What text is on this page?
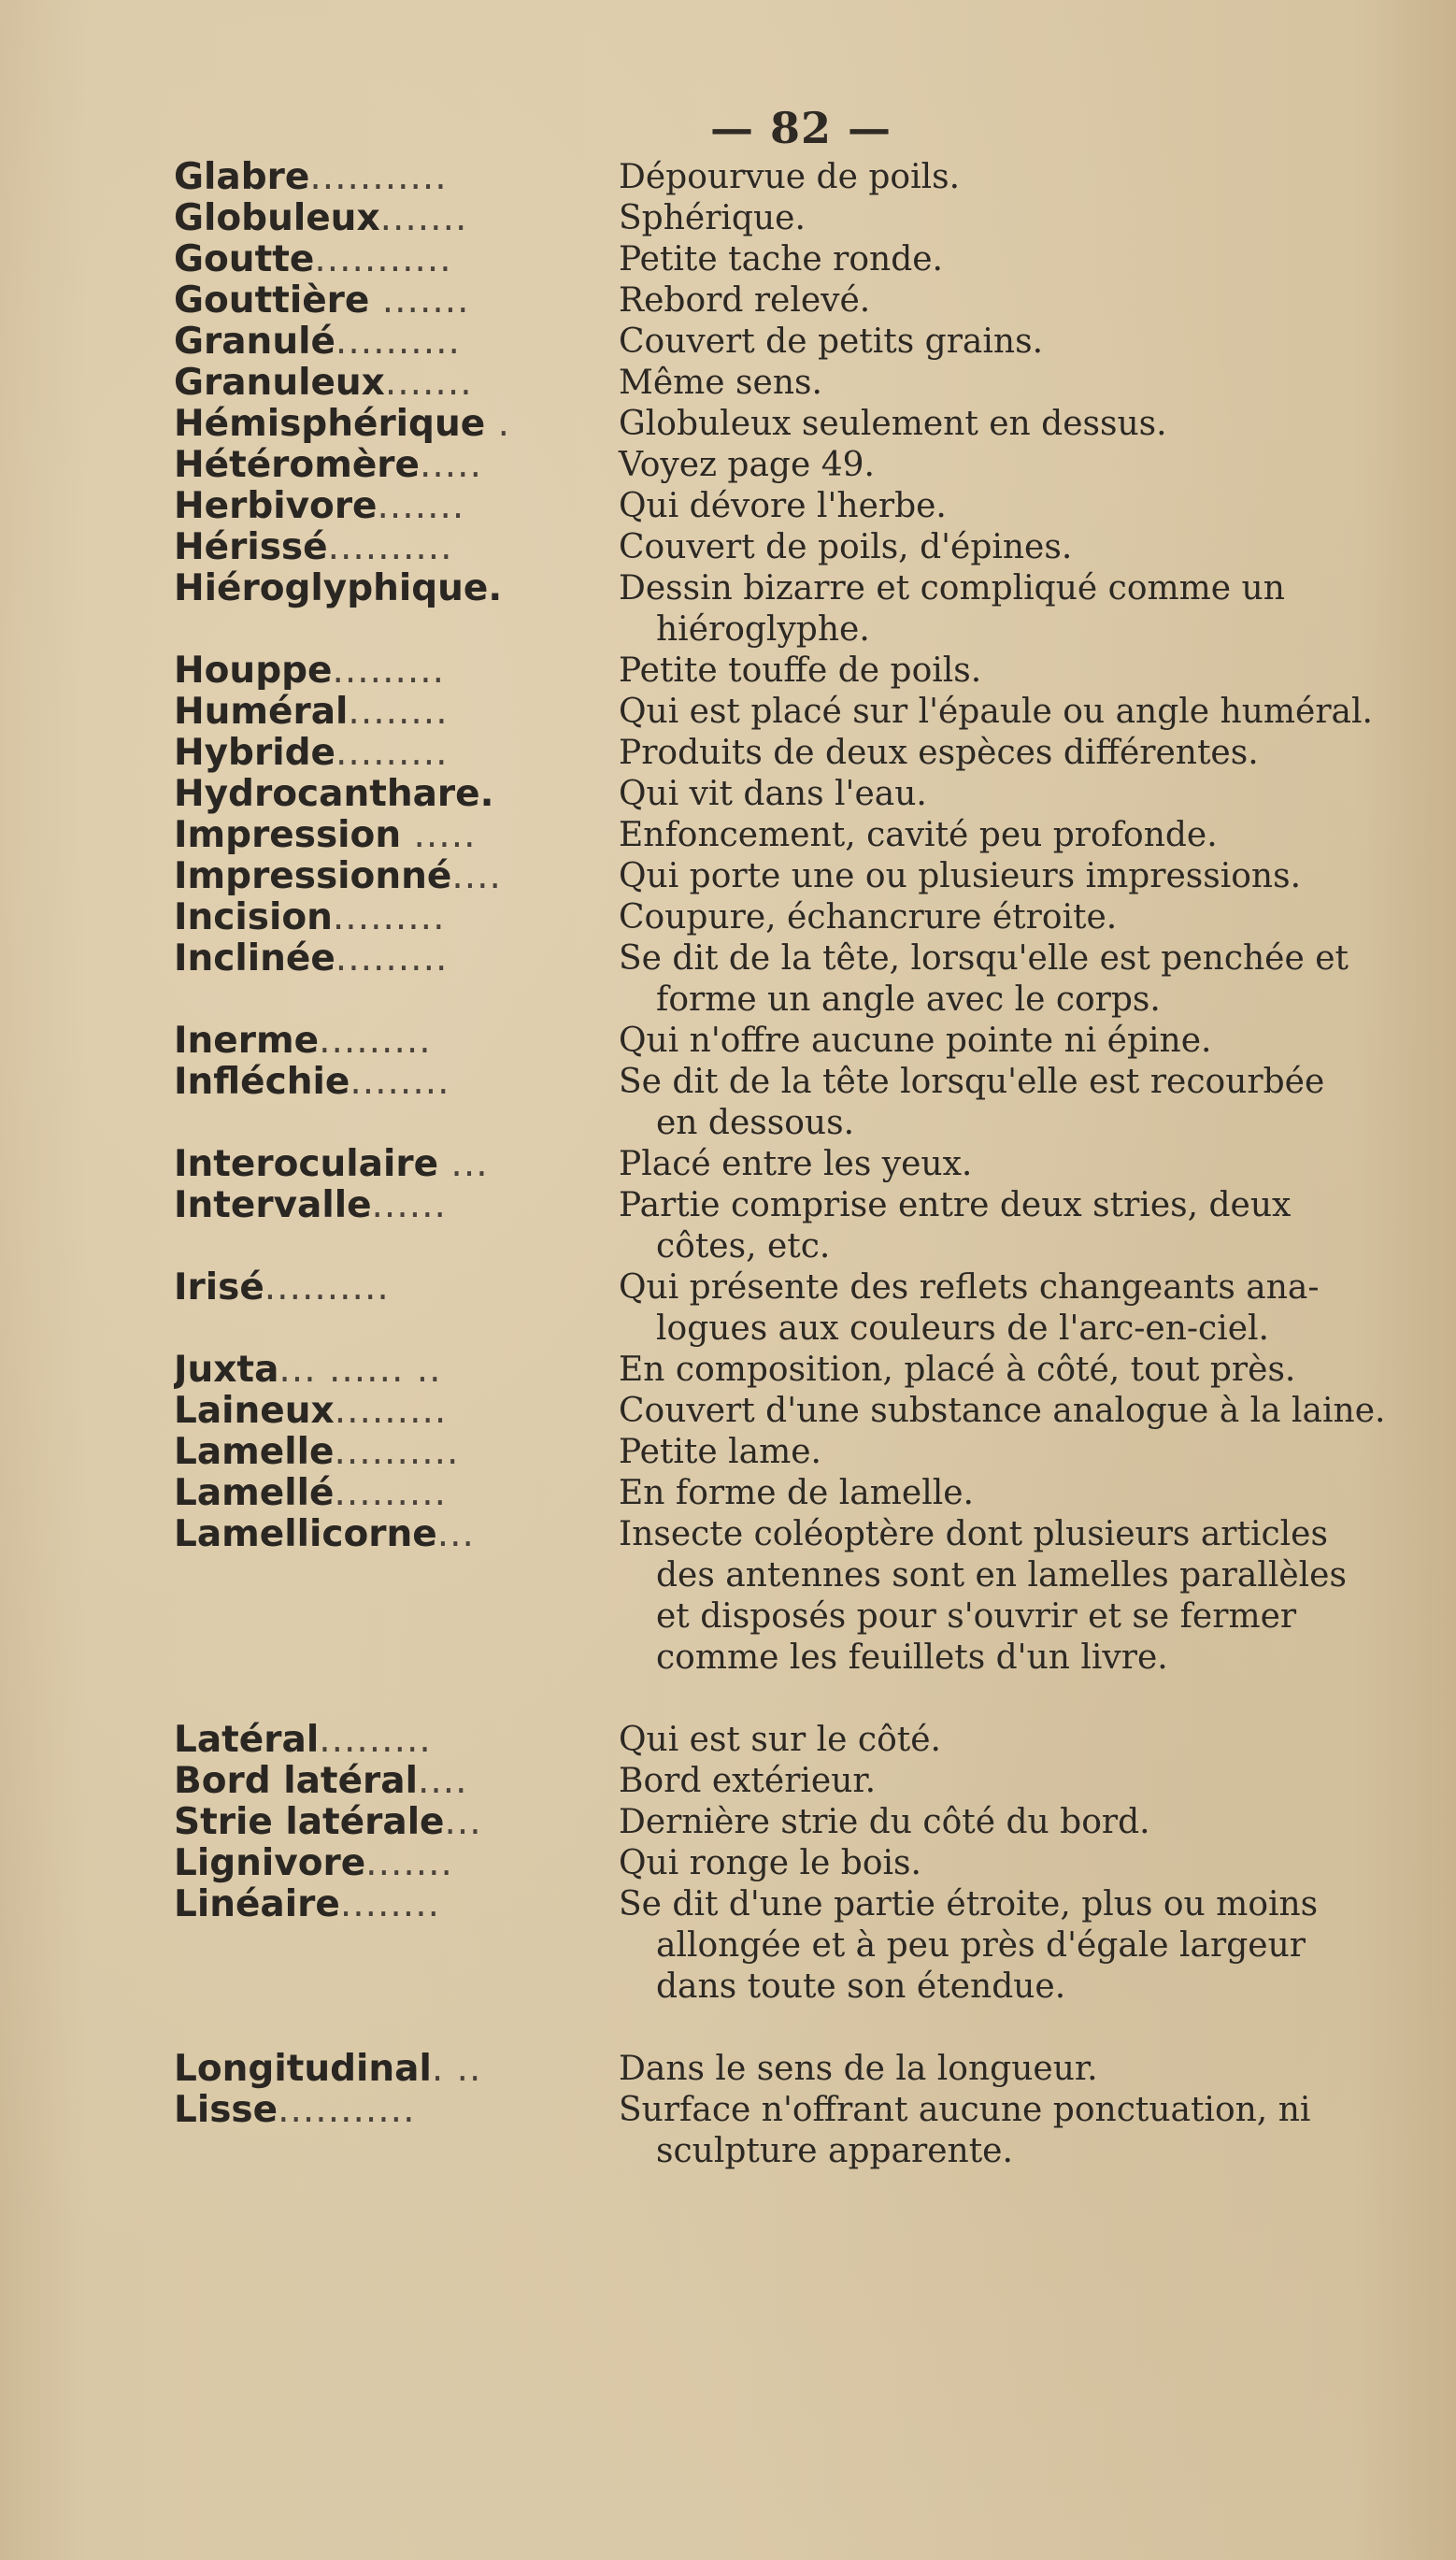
— 82 —
Glabre...........	Dépourvue de poils.
Globuleux.......	Sphérique.
Goutte...........	Petite tache ronde.
Gouttière .......	Rebord relevé.
Granulé..........	Couvert de petits grains.
Granuleux.......	Même sens.
Hémisphérique .	Globuleux seulement en dessus.
Hétéromère.....	Voyez page 49.
Herbivore.......	Qui dévore l'herbe.
Hérissé..........	Couvert de poils, d'épines.
Hiéroglyphique.	Dessin bizarre et compliqué comme un
hiéroglyphe.
Houppe.........	Petite touffe de poils.
Huméral........	Qui est placé sur l'épaule ou angle huméral.
Hybride.........	Produits de deux espèces différentes.
Hydrocanthare.	Qui vit dans l'eau.
Impression .....	Enfoncement, cavité peu profonde.
Impressionné....	Qui porte une ou plusieurs impressions.
Incision.........	Coupure, échancrure étroite.
Inclinée.........	Se dit de la tête, lorsqu'elle est penchée et
forme un angle avec le corps.
Inerme.........	Qui n'offre aucune pointe ni épine.
Infléchie........	Se dit de la tête lorsqu'elle est recourbée
en dessous.
Interoculaire ...	Placé entre les yeux.
Intervalle......	Partie comprise entre deux stries, deux
côtes, etc.
Irisé..........	Qui présente des reflets changeants ana-
logues aux couleurs de l'arc-en-ciel.
Juxta... ...... ..	En composition, placé à côté, tout près.
Laineux.........	Couvert d'une substance analogue à la laine.
Lamelle..........	Petite lame.
Lamellé.........	En forme de lamelle.
Lamellicorne...	Insecte coléoptère dont plusieurs articles
des antennes sont en lamelles parallèles
et disposés pour s'ouvrir et se fermer
comme les feuillets d'un livre.
Latéral.........	Qui est sur le côté.
Bord latéral....	Bord extérieur.
Strie latérale...	Dernière strie du côté du bord.
Lignivore.......	Qui ronge le bois.
Linéaire........	Se dit d'une partie étroite, plus ou moins
allongée et à peu près d'égale largeur
dans toute son étendue.
Longitudinal. ..	Dans le sens de la longueur.
Lisse...........	Surface n'offrant aucune ponctuation, ni
sculpture apparente.
